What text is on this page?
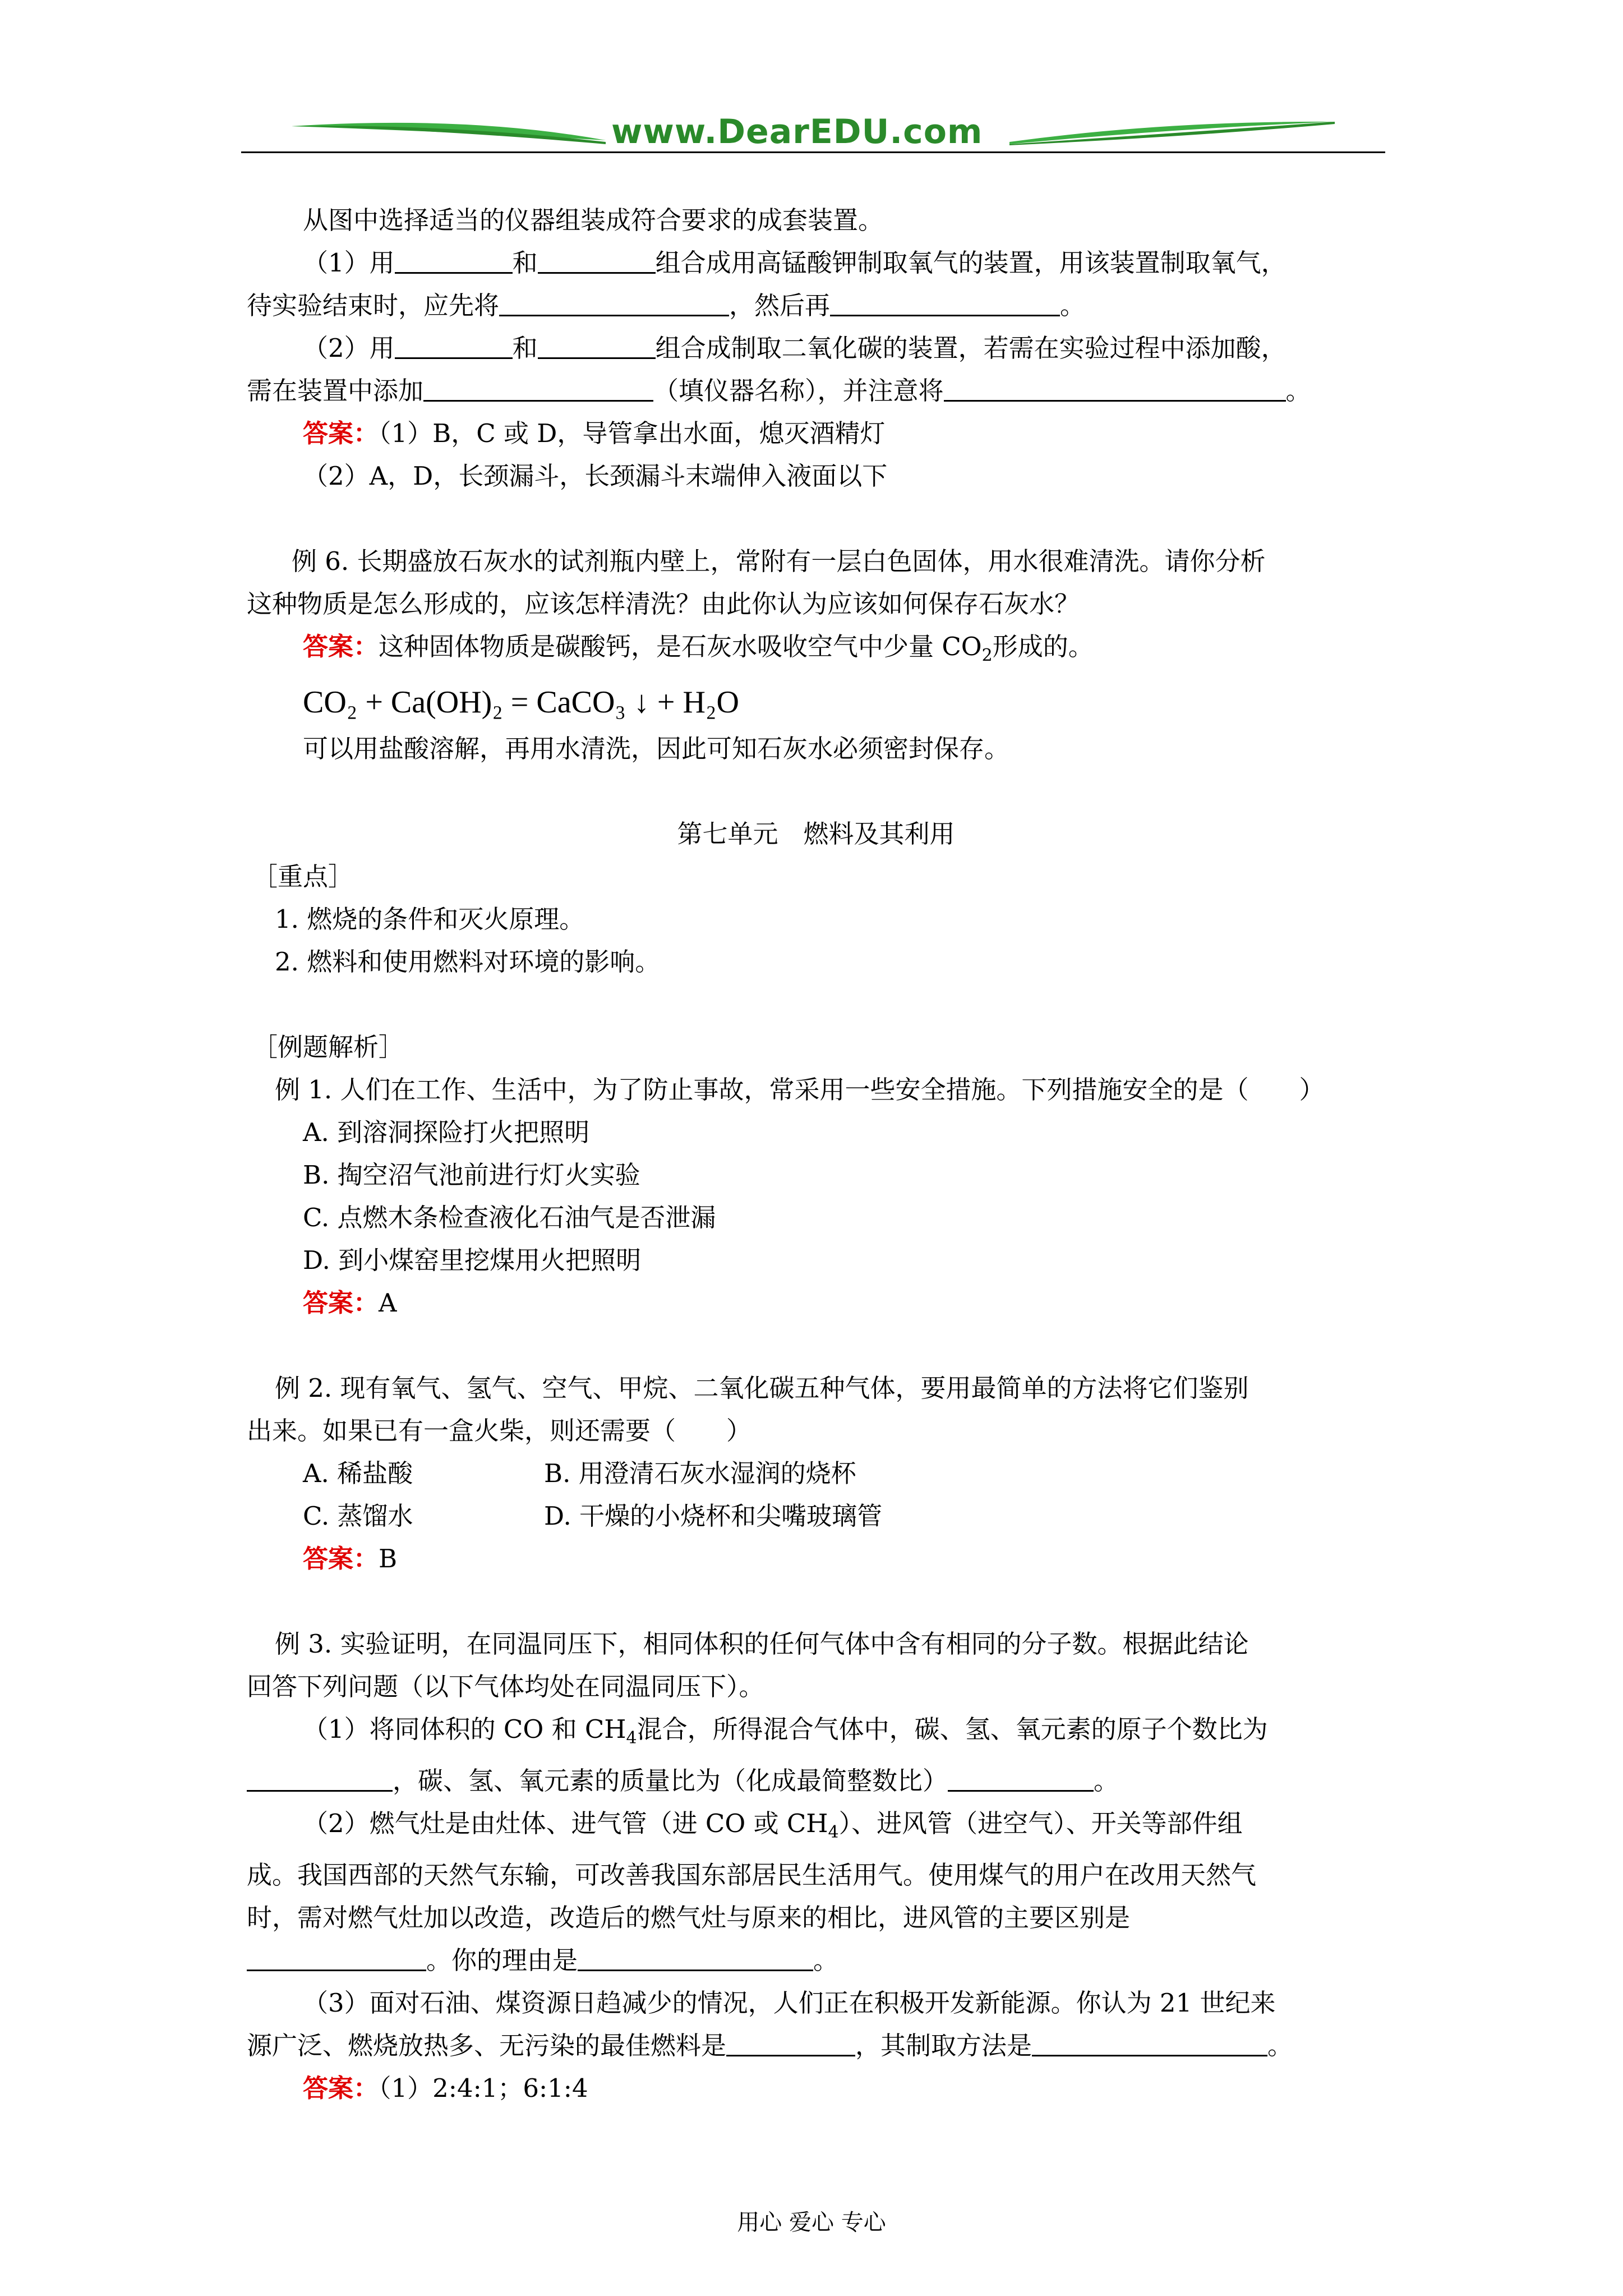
www.DearEDU.com
从图中选择适当的仪器组装成符合要求的成套装置。
（1）用	和	组合成用高锰酸钾制取氧气的装置，用该装置制取氧气，
待实验结束时，应先将	，然后再	。
（2）用	和	组合成制取二氧化碳的装置，若需在实验过程中添加酸，
需在装置中添加	（填仪器名称），并注意将	。
答案：（1）B，C 或 D，导管拿出水面，熄灭酒精灯
（2）A，D，长颈漏斗，长颈漏斗末端伸入液面以下
例 6. 长期盛放石灰水的试剂瓶内壁上，常附有一层白色固体，用水很难清洗。请你分析
这种物质是怎么形成的，应该怎样清洗？由此你认为应该如何保存石灰水？
答案：这种固体物质是碳酸钙，是石灰水吸收空气中少量 $CO_2$形成的。
CO₂ + Ca(OH)₂ = CaCO₃ ↓ + H₂O
可以用盐酸溶解，再用水清洗，因此可知石灰水必须密封保存。
第七单元　燃料及其利用
［重点］
1. 燃烧的条件和灭火原理。
2. 燃料和使用燃料对环境的影响。
［例题解析］
例 1. 人们在工作、生活中，为了防止事故，常采用一些安全措施。下列措施安全的是（　　）
A. 到溶洞探险打火把照明
B. 掏空沼气池前进行灯火实验
C. 点燃木条检查液化石油气是否泄漏
D. 到小煤窑里挖煤用火把照明
答案：A
例 2. 现有氧气、氢气、空气、甲烷、二氧化碳五种气体，要用最简单的方法将它们鉴别
出来。如果已有一盒火柴，则还需要（　　）
A. 稀盐酸	B. 用澄清石灰水湿润的烧杯
C. 蒸馏水	D. 干燥的小烧杯和尖嘴玻璃管
答案：B
例 3. 实验证明，在同温同压下，相同体积的任何气体中含有相同的分子数。根据此结论
回答下列问题（以下气体均处在同温同压下）。
（1）将同体积的 CO 和 $CH_4$混合，所得混合气体中，碳、氢、氧元素的原子个数比为
，碳、氢、氧元素的质量比为（化成最简整数比）	。
（2）燃气灶是由灶体、进气管（进 CO 或 $CH_4$）、进风管（进空气）、开关等部件组
成。我国西部的天然气东输，可改善我国东部居民生活用气。使用煤气的用户在改用天然气
时，需对燃气灶加以改造，改造后的燃气灶与原来的相比，进风管的主要区别是
。你的理由是	。
（3）面对石油、煤资源日趋减少的情况，人们正在积极开发新能源。你认为 21 世纪来
源广泛、燃烧放热多、无污染的最佳燃料是	，其制取方法是	。
答案：（1）2:4:1；6:1:4
用心 爱心 专心
